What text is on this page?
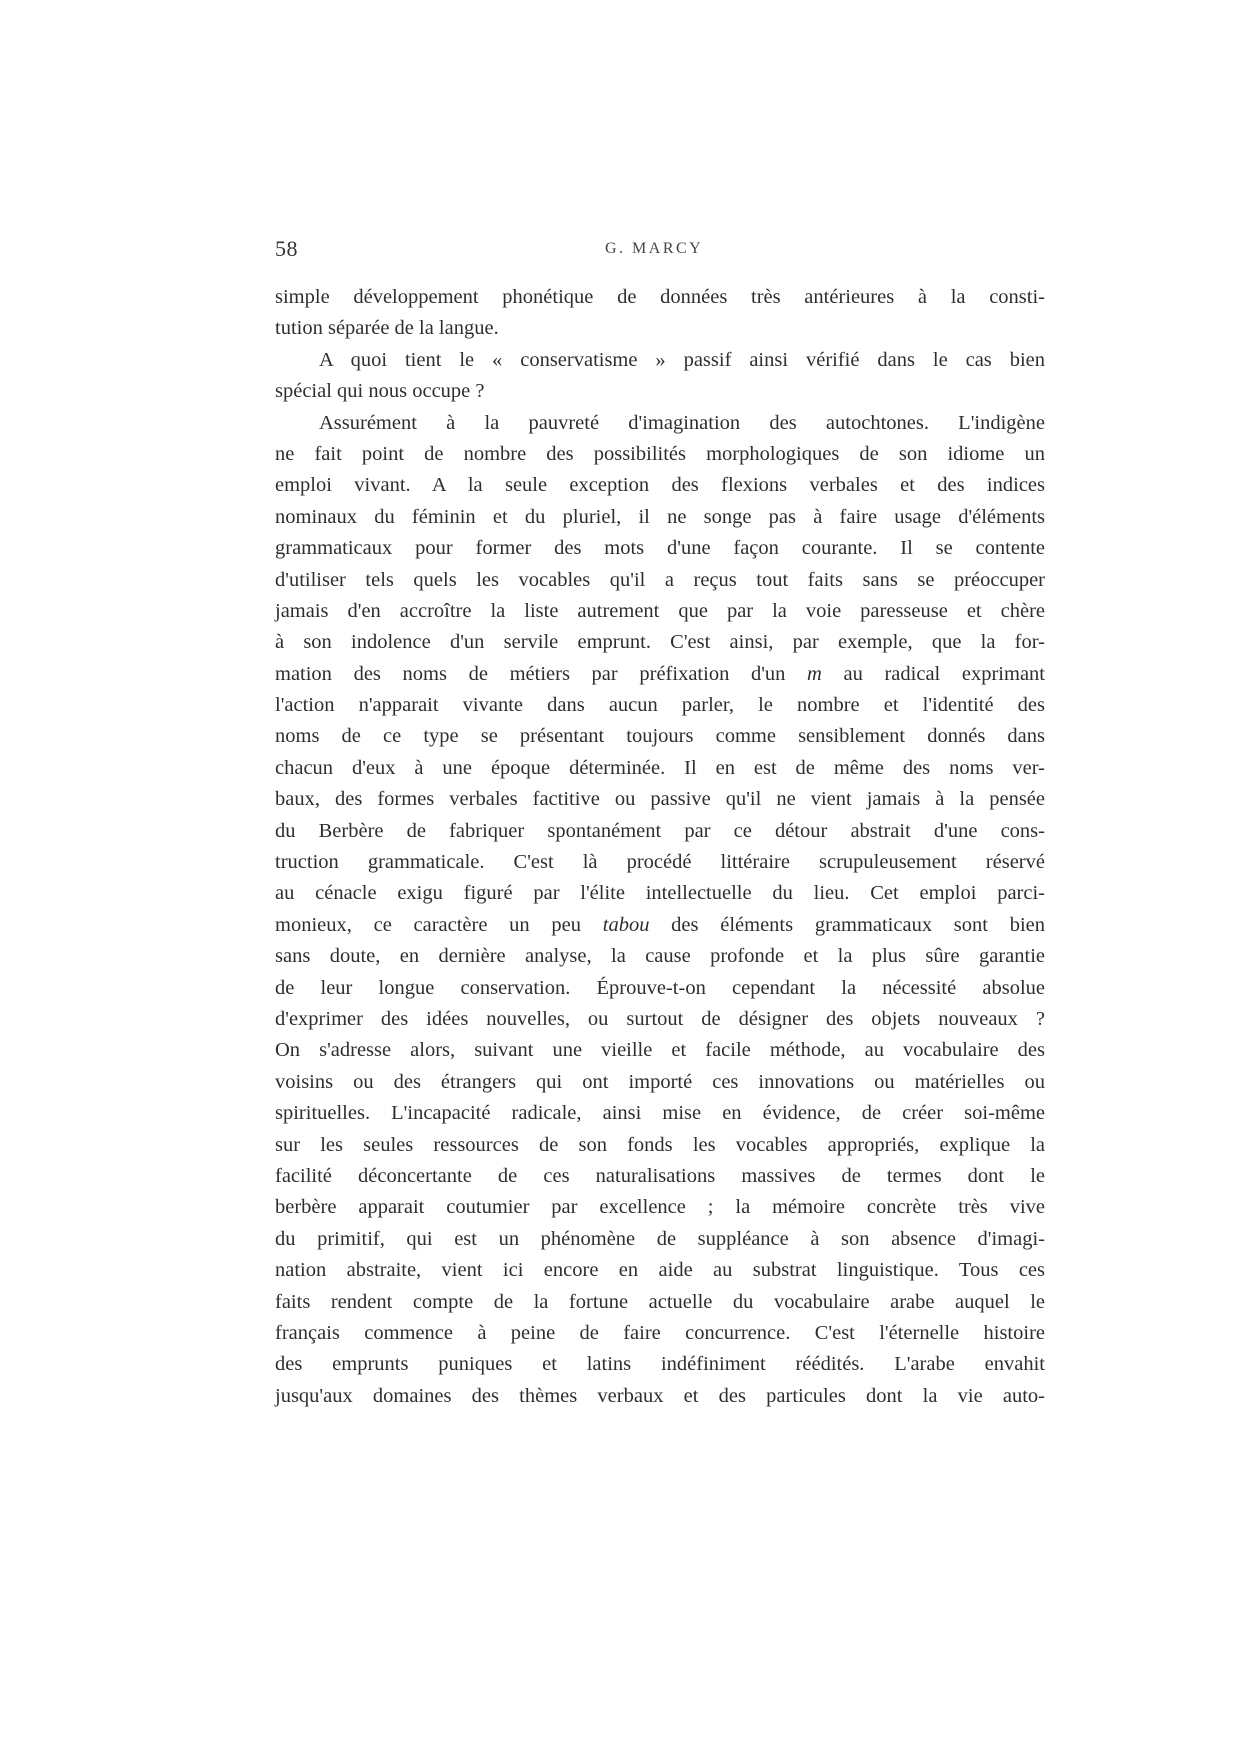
58	G. MARCY
simple développement phonétique de données très antérieures à la consti-
tution séparée de la langue.
A quoi tient le « conservatisme » passif ainsi vérifié dans le cas bien
spécial qui nous occupe ?
Assurément à la pauvreté d'imagination des autochtones. L'indigène
ne fait point de nombre des possibilités morphologiques de son idiome un
emploi vivant. A la seule exception des flexions verbales et des indices
nominaux du féminin et du pluriel, il ne songe pas à faire usage d'éléments
grammaticaux pour former des mots d'une façon courante. Il se contente
d'utiliser tels quels les vocables qu'il a reçus tout faits sans se préoccuper
jamais d'en accroître la liste autrement que par la voie paresseuse et chère
à son indolence d'un servile emprunt. C'est ainsi, par exemple, que la for-
mation des noms de métiers par préfixation d'un m au radical exprimant
l'action n'apparait vivante dans aucun parler, le nombre et l'identité des
noms de ce type se présentant toujours comme sensiblement donnés dans
chacun d'eux à une époque déterminée. Il en est de même des noms ver-
baux, des formes verbales factitive ou passive qu'il ne vient jamais à la pensée
du Berbère de fabriquer spontanément par ce détour abstrait d'une cons-
truction grammaticale. C'est là procédé littéraire scrupuleusement réservé
au cénacle exigu figuré par l'élite intellectuelle du lieu. Cet emploi parci-
monieux, ce caractère un peu tabou des éléments grammaticaux sont bien
sans doute, en dernière analyse, la cause profonde et la plus sûre garantie
de leur longue conservation. Éprouve-t-on cependant la nécessité absolue
d'exprimer des idées nouvelles, ou surtout de désigner des objets nouveaux ?
On s'adresse alors, suivant une vieille et facile méthode, au vocabulaire des
voisins ou des étrangers qui ont importé ces innovations ou matérielles ou
spirituelles. L'incapacité radicale, ainsi mise en évidence, de créer soi-même
sur les seules ressources de son fonds les vocables appropriés, explique la
facilité déconcertante de ces naturalisations massives de termes dont le
berbère apparait coutumier par excellence ; la mémoire concrète très vive
du primitif, qui est un phénomène de suppléance à son absence d'imagi-
nation abstraite, vient ici encore en aide au substrat linguistique. Tous ces
faits rendent compte de la fortune actuelle du vocabulaire arabe auquel le
français commence à peine de faire concurrence. C'est l'éternelle histoire
des emprunts puniques et latins indéfiniment réédités. L'arabe envahit
jusqu'aux domaines des thèmes verbaux et des particules dont la vie auto-
